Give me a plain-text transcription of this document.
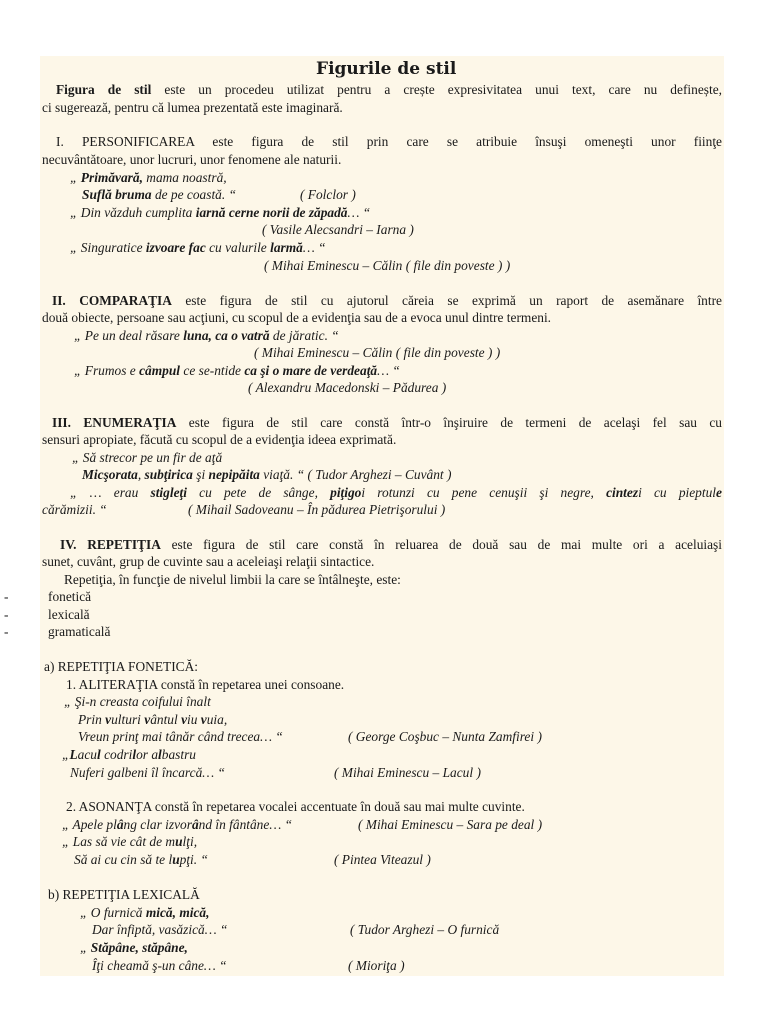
Figurile de stil
Figura de stil este un procedeu utilizat pentru a crește expresivitatea unui text, care nu definește,
ci sugerează, pentru că lumea prezentată este imaginară.
I. PERSONIFICAREA este figura de stil prin care se atribuie însuşi omeneşti unor fiinţe
necuvântătoare, unor lucruri, unor fenomene ale naturii.
„ Primăvară, mama noastră,
Suflă bruma de pe coastă. “	( Folclor )
„ Din văzduh cumplita iarnă cerne norii de zăpadă… “
( Vasile Alecsandri – Iarna )
„ Singuratice izvoare fac cu valurile larmă… “
( Mihai Eminescu – Călin ( file din poveste ) )
II. COMPARAŢIA este figura de stil cu ajutorul căreia se exprimă un raport de asemănare între
două obiecte, persoane sau acţiuni, cu scopul de a evidenţia sau de a evoca unul dintre termeni.
„ Pe un deal răsare luna, ca o vatră de jăratic. “
( Mihai Eminescu – Călin ( file din poveste ) )
„ Frumos e câmpul ce se-ntide ca şi o mare de verdeaţă… “
( Alexandru Macedonski – Pădurea )
III. ENUMERAŢIA este figura de stil care constă într-o înşiruire de termeni de acelaşi fel sau cu
sensuri apropiate, făcută cu scopul de a evidenţia ideea exprimată.
„ Să strecor pe un fir de aţă
Micşorata, subţirica şi nepipăita viaţă. “ ( Tudor Arghezi – Cuvânt )
„ … erau stigleţi cu pete de sânge, piţigoi rotunzi cu pene cenuşii şi negre, cintezi cu pieptule
cărămizii. “	( Mihail Sadoveanu – În pădurea Pietrişorului )
IV. REPETIŢIA este figura de stil care constă în reluarea de două sau de mai multe ori a aceluiaşi
sunet, cuvânt, grup de cuvinte sau a aceleiaşi relaţii sintactice.
Repetiţia, în funcţie de nivelul limbii la care se întâlneşte, este:
-	fonetică
-	lexicală
-	gramaticală
a) REPETIŢIA FONETICĂ:
1. ALITERAŢIA constă în repetarea unei consoane.
„ Şi-n creasta coifului înalt
Prin vulturi vântul viu vuia,
Vreun prinţ mai tânăr când trecea… “	( George Coşbuc – Nunta Zamfirei )
„Lacul codrilor albastru
Nuferi galbeni îl încarcă… “	( Mihai Eminescu – Lacul )
2. ASONANŢA constă în repetarea vocalei accentuate în două sau mai multe cuvinte.
„ Apele plâng clar izvorând în fântâne… “	( Mihai Eminescu – Sara pe deal )
„ Las să vie cât de mulţi,
Să ai cu cin să te lupţi. “	( Pintea Viteazul )
b) REPETIŢIA LEXICALĂ
„ O furnică mică, mică,
Dar înfiptă, vasăzică… “	( Tudor Arghezi – O furnică
„ Stăpâne, stăpâne,
Îţi cheamă ş-un câne… “	( Mioriţa )
